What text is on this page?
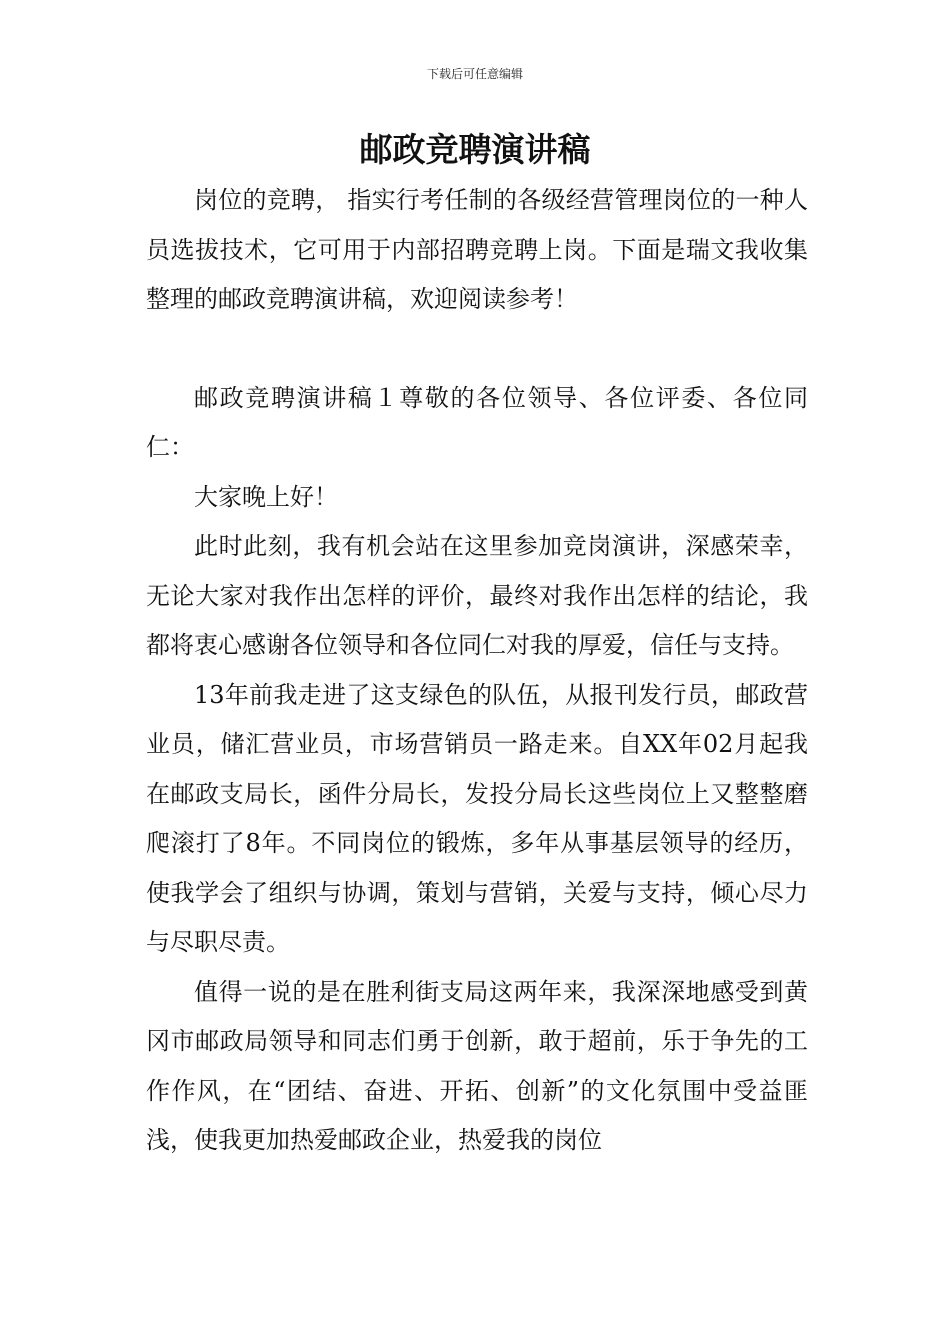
下载后可任意编辑
邮政竞聘演讲稿

岗位的竞聘， 指实行考任制的各级经营管理岗位的一种人员选拔技术，它可用于内部招聘竞聘上岗。下面是瑞文我收集整理的邮政竞聘演讲稿，欢迎阅读参考！

邮政竞聘演讲稿１尊敬的各位领导、各位评委、各位同仁：

大家晚上好！

此时此刻，我有机会站在这里参加竞岗演讲，深感荣幸，无论大家对我作出怎样的评价，最终对我作出怎样的结论，我都将衷心感谢各位领导和各位同仁对我的厚爱，信任与支持。

13年前我走进了这支绿色的队伍，从报刊发行员，邮政营业员，储汇营业员，市场营销员一路走来。自XX年02月起我在邮政支局长，函件分局长，发投分局长这些岗位上又整整磨爬滚打了8年。不同岗位的锻炼，多年从事基层领导的经历，使我学会了组织与协调，策划与营销，关爱与支持，倾心尽力与尽职尽责。

值得一说的是在胜利街支局这两年来，我深深地感受到黄冈市邮政局领导和同志们勇于创新，敢于超前，乐于争先的工作作风，在“团结、奋进、开拓、创新”的文化氛围中受益匪浅，使我更加热爱邮政企业，热爱我的岗位
